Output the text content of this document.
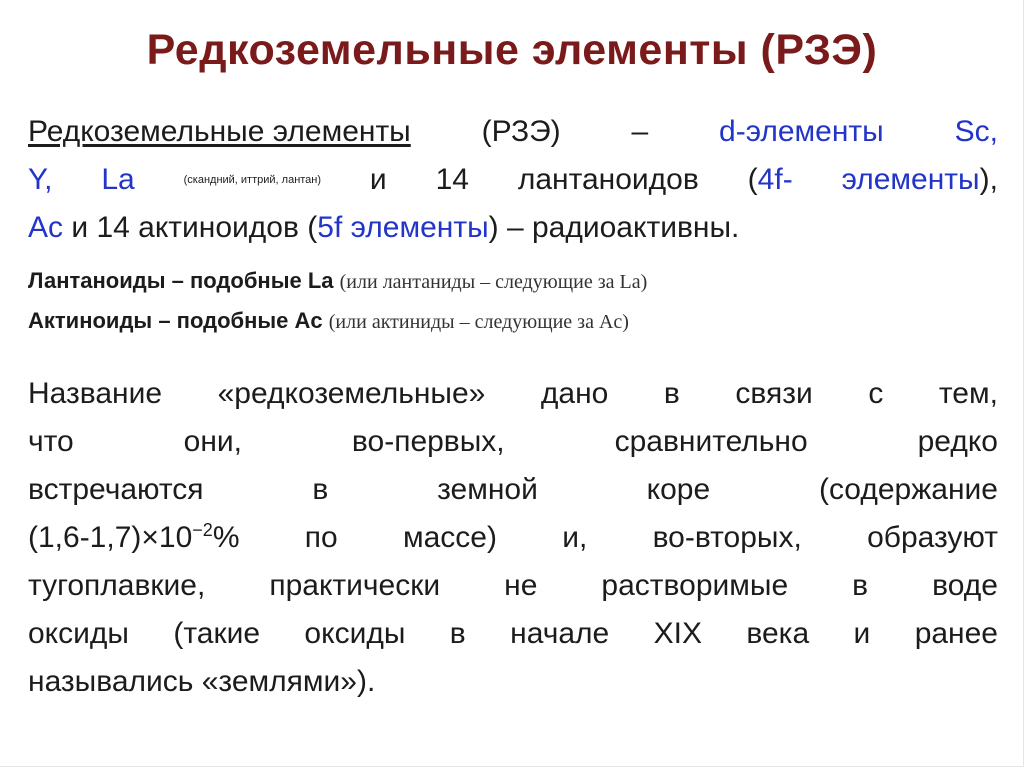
Редкоземельные элементы (РЗЭ)
Редкоземельные элементы (РЗЭ) – d-элементы Sc,
Y, La	(скандний, иттрий, лантан) и 14 лантаноидов (4f- элементы),
Ac и 14 актиноидов (5f элементы) – радиоактивны.
Лантаноиды – подобные La (или лантаниды – следующие за La)
Актиноиды – подобные Ac (или актиниды – следующие за Ac)
Название «редкоземельные» дано в связи с тем,
что	они,	во-первых,	сравнительно	редко
встречаются	в	земной	коре	(содержание
$(1,6-1,7)\times 10^{-2}\%$ по массе) и, во-вторых, образуют
тугоплавкие, практически не растворимые в воде
оксиды (такие оксиды в начале XIX века и ранее
назывались «землями»).
